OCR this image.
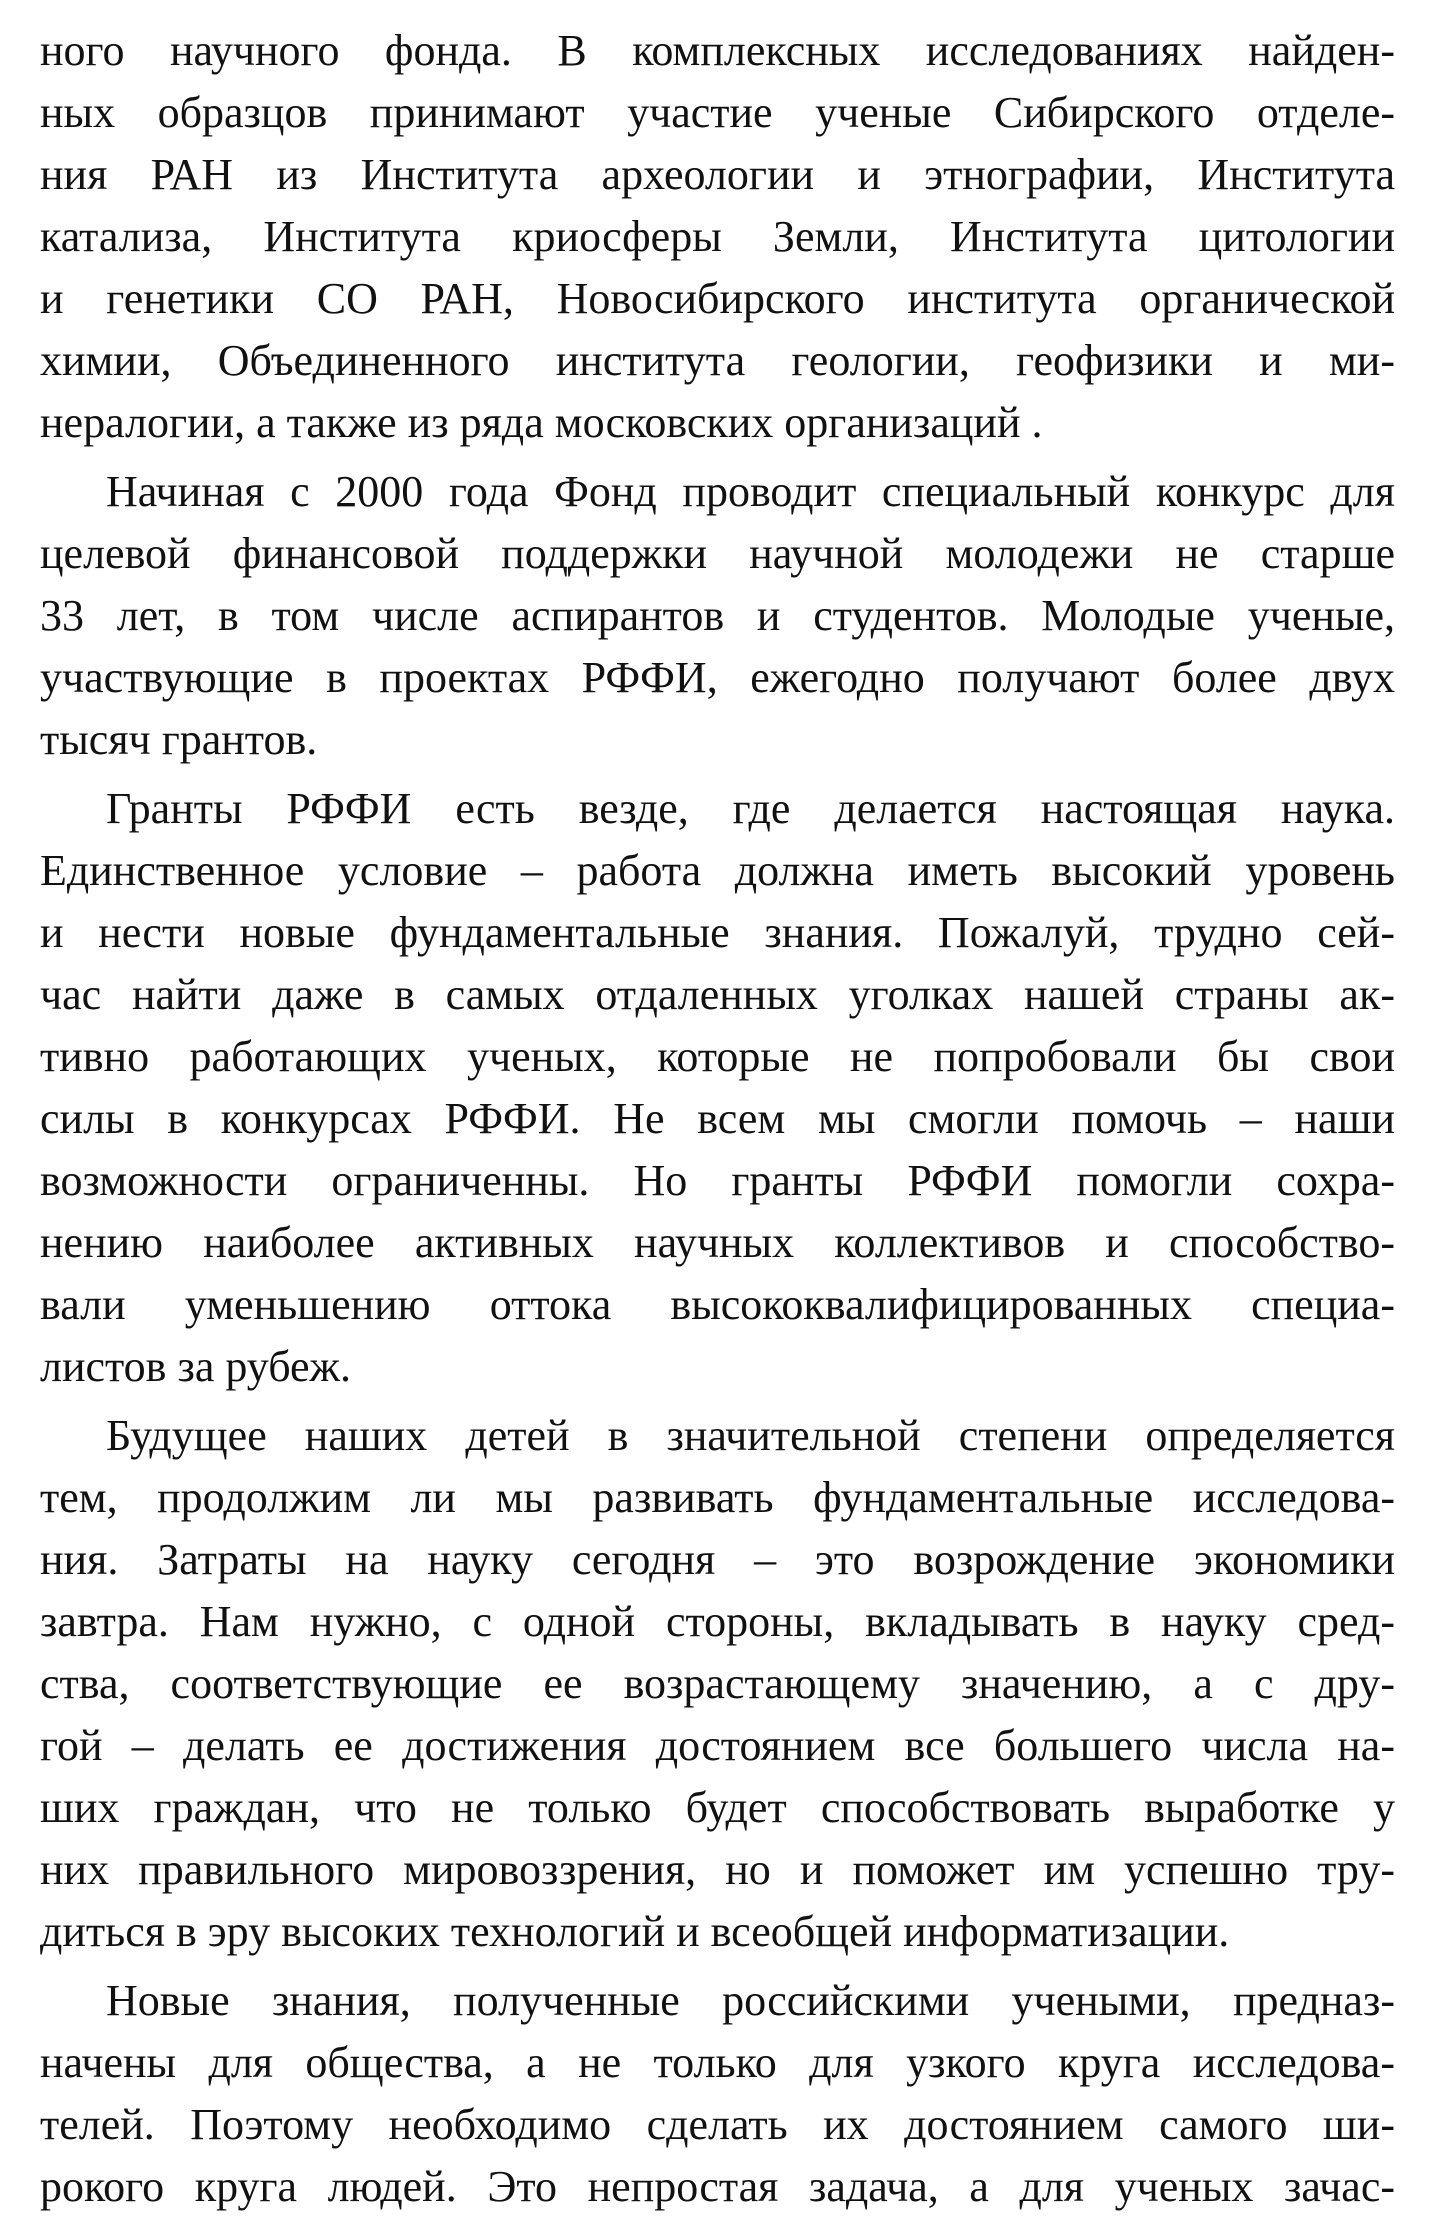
ного научного фонда. В комплексных исследованиях найден-
ных образцов принимают участие ученые Сибирского отделе-
ния РАН из Института археологии и этнографии, Института
катализа, Института криосферы Земли, Института цитологии
и генетики СО РАН, Новосибирского института органической
химии, Объединенного института геологии, геофизики и ми-
нералогии, а также из ряда московских организаций .
Начиная с 2000 года Фонд проводит специальный конкурс для
целевой финансовой поддержки научной молодежи не старше
33 лет, в том числе аспирантов и студентов. Молодые ученые,
участвующие в проектах РФФИ, ежегодно получают более двух
тысяч грантов.
Гранты РФФИ есть везде, где делается настоящая наука.
Единственное условие – работа должна иметь высокий уровень
и нести новые фундаментальные знания. Пожалуй, трудно сей-
час найти даже в самых отдаленных уголках нашей страны ак-
тивно работающих ученых, которые не попробовали бы свои
силы в конкурсах РФФИ. Не всем мы смогли помочь – наши
возможности ограниченны. Но гранты РФФИ помогли сохра-
нению наиболее активных научных коллективов и способство-
вали уменьшению оттока высококвалифицированных специа-
листов за рубеж.
Будущее наших детей в значительной степени определяется
тем, продолжим ли мы развивать фундаментальные исследова-
ния. Затраты на науку сегодня – это возрождение экономики
завтра. Нам нужно, с одной стороны, вкладывать в науку сред-
ства, соответствующие ее возрастающему значению, а с дру-
гой – делать ее достижения достоянием все большего числа на-
ших граждан, что не только будет способствовать выработке у
них правильного мировоззрения, но и поможет им успешно тру-
диться в эру высоких технологий и всеобщей информатизации.
Новые знания, полученные российскими учеными, предназ-
начены для общества, а не только для узкого круга исследова-
телей. Поэтому необходимо сделать их достоянием самого ши-
рокого круга людей. Это непростая задача, а для ученых зачас-
